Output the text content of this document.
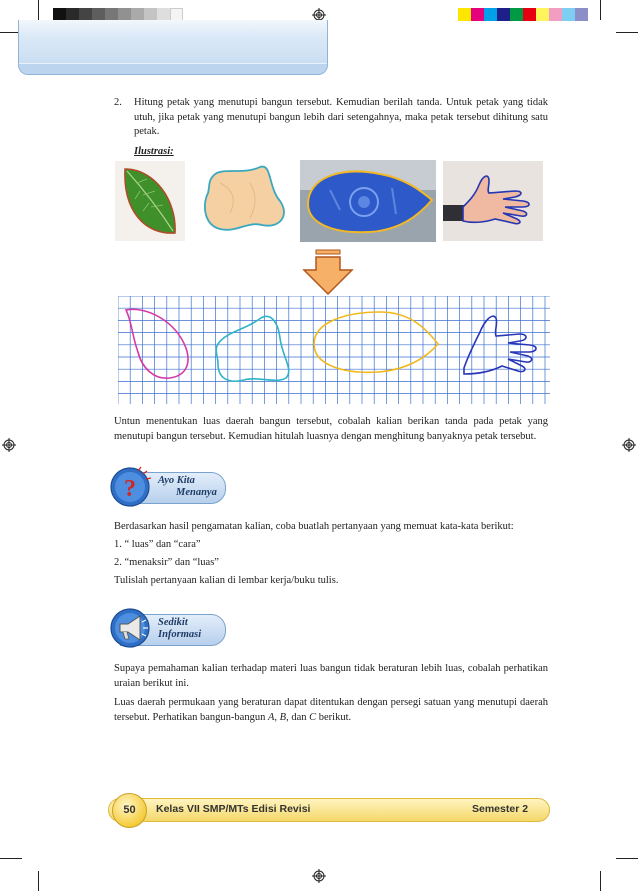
2.	Hitung petak yang menutupi bangun tersebut. Kemudian berilah tanda. Untuk petak yang tidak utuh, jika petak yang menutupi bangun lebih dari setengahnya, maka petak tersebut dihitung satu petak.
Ilustrasi:
Untun menentukan luas daerah bangun tersebut, cobalah kalian berikan tanda pada petak yang menutupi bangun tersebut. Kemudian hitulah luasnya dengan menghitung banyaknya petak tersebut.
? Ayo Kita
Menanya
Berdasarkan hasil pengamatan kalian, coba buatlah pertanyaan yang memuat kata-kata berikut:
1. “ luas” dan “cara”
2. “menaksir” dan “luas”
Tulislah pertanyaan kalian di lembar kerja/buku tulis.
Sedikit
Informasi
Supaya pemahaman kalian terhadap materi luas bangun tidak beraturan lebih luas, cobalah perhatikan uraian berikut ini.
Luas daerah permukaan yang beraturan dapat ditentukan dengan persegi satuan yang menutupi daerah tersebut. Perhatikan bangun-bangun A, B, dan C berikut.
50	Kelas VII SMP/MTs Edisi Revisi	Semester 2
